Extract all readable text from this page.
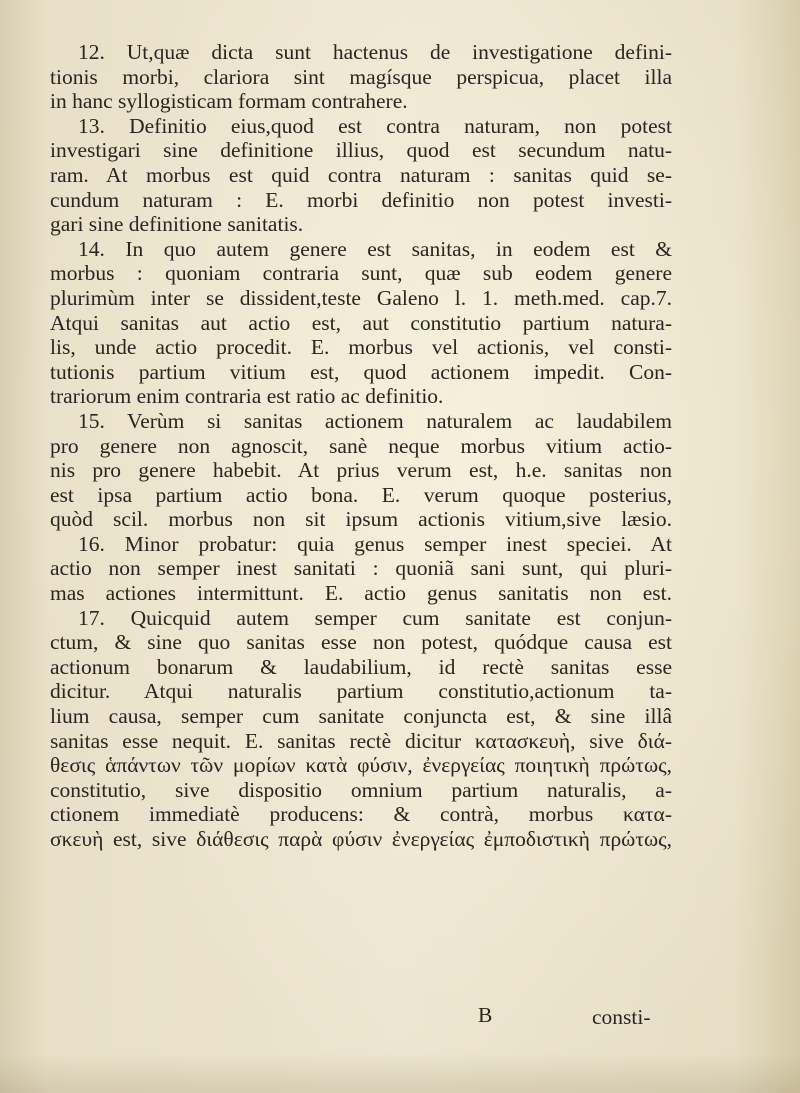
12. Ut,quæ dicta sunt hactenus de investigatione defini-
tionis morbi, clariora sint magísque perspicua, placet illa
in hanc syllogisticam formam contrahere.
13. Definitio eius,quod est contra naturam, non potest
investigari sine definitione illius, quod est secundum natu-
ram. At morbus est quid contra naturam : sanitas quid se-
cundum naturam : E. morbi definitio non potest investi-
gari sine definitione sanitatis.
14. In quo autem genere est sanitas, in eodem est &
morbus : quoniam contraria sunt, quæ sub eodem genere
plurimùm inter se dissident,teste Galeno l. 1. meth.med. cap.7.
Atqui sanitas aut actio est, aut constitutio partium natura-
lis, unde actio procedit. E. morbus vel actionis, vel consti-
tutionis partium vitium est, quod actionem impedit. Con-
trariorum enim contraria est ratio ac definitio.
15. Verùm si sanitas actionem naturalem ac laudabilem
pro genere non agnoscit, sanè neque morbus vitium actio-
nis pro genere habebit. At prius verum est, h.e. sanitas non
est ipsa partium actio bona. E. verum quoque posterius,
quòd scil. morbus non sit ipsum actionis vitium,sive læsio.
16. Minor probatur: quia genus semper inest speciei. At
actio non semper inest sanitati : quoniã sani sunt, qui pluri-
mas actiones intermittunt. E. actio genus sanitatis non est.
17. Quicquid autem semper cum sanitate est conjun-
ctum, & sine quo sanitas esse non potest, quódque causa est
actionum bonarum & laudabilium, id rectè sanitas esse
dicitur. Atqui naturalis partium constitutio,actionum ta-
lium causa, semper cum sanitate conjuncta est, & sine illâ
sanitas esse nequit. E. sanitas rectè dicitur κατασκευὴ, sive διά-
θεσις ἁπάντων τῶν μορίων κατὰ φύσιν, ἐνεργείας ποιητικὴ πρώτως,
constitutio, sive dispositio omnium partium naturalis, a-
ctionem immediatè producens: & contrà, morbus κατα-
σκευὴ est, sive διάθεσις παρὰ φύσιν ἐνεργείας ἐμποδιστικὴ πρώτως,
B	consti-
